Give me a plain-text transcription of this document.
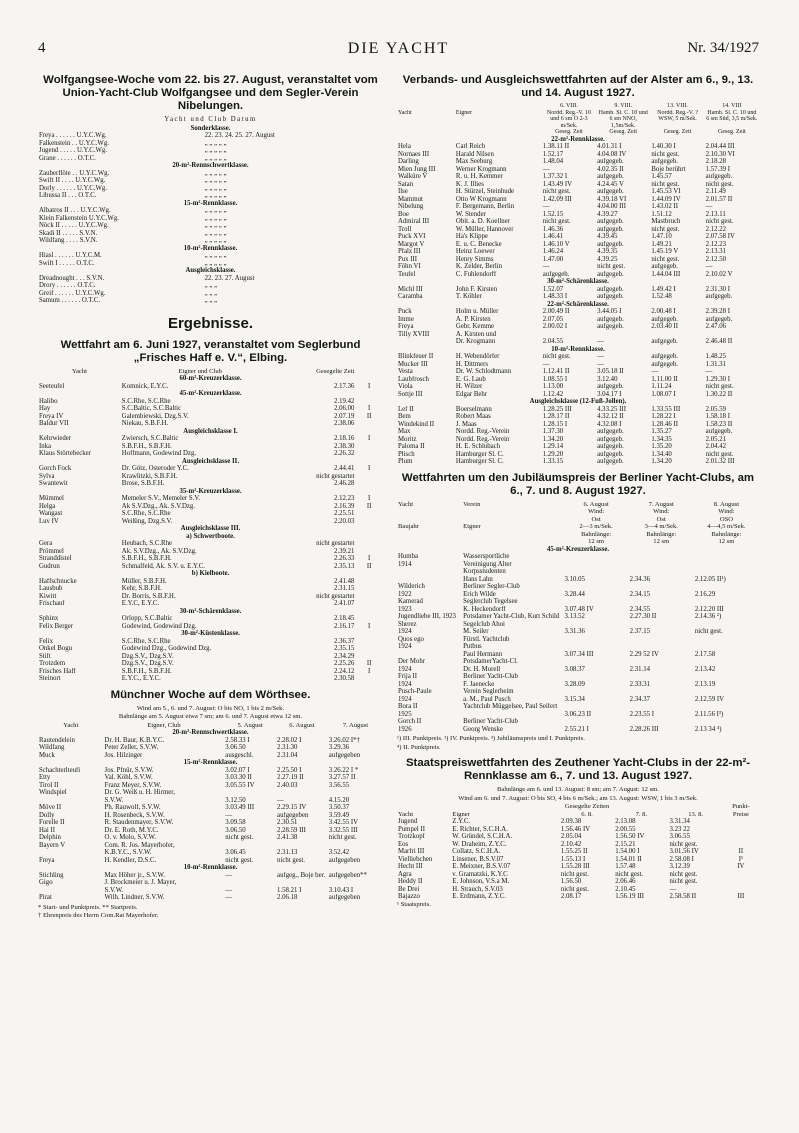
4	DIE YACHT	Nr. 34/1927
Wolfgangsee-Woche vom 22. bis 27. August, veranstaltet vom Union-Yacht-Club Wolfgangsee und dem Segler-Verein Nibelungen.
Yacht und Club Datum
Sonderklasse.	
Freya . . . . . . U.Y.C.Wg.	22. 23. 24. 25. 27. August
Falkenstein . . U.Y.C.Wg.	„ „ „ „ „
Jugend . . . . . U.Y.C.Wg.	„ „ „ „ „
Grane . . . . . . Ö.T.C.	„ „ „ „ „
20-m²-Rennschwertklasse.	
Zauberflöte . . U.Y.C.Wg.	„ „ „ „ „
Swift II . . . . U.Y.C.Wg.	„ „ „ „ „
Dorly . . . . . . U.Y.C.Wg.	„ „ „ „ „
Libussa II . . . Ö.T.C.	„ „ „ „ „
15-m²-Rennklasse.	
Albatros II . . . U.Y.C.Wg.	„ „ „ „ „
Klein Falkenstein U.Y.C.Wg.	„ „ „ „ „
Nöck II . . . . . U.Y.C.Wg.	„ „ „ „ „
Skadi II . . . . . S.V.N.	„ „ „ „ „
Wildfang . . . . S.V.N.	„ „ „ „ „
10-m²-Rennklasse.	
Hiasl . . . . . . U.Y.C.M.	„ „ „ „ „
Swift I . . . . . Ö.T.C.	„ „ „ „ „
Ausgleichsklasse.	
Dreadnought . . . S.V.N.	22. 23. 27. August
Drory . . . . . . Ö.T.C.	„ „ „
Greif . . . . . . U.Y.C.Wg.	„ „ „
Samum . . . . . . Ö.T.C.	„ „ „
Ergebnisse.
Wettfahrt am 6. Juni 1927, veranstaltet vom Seglerbund „Frisches Haff e. V.“, Elbing.
Yacht	Eigner und Club	Gesegelte Zeit	
60-m²-Kreuzerklasse.			
Seeteufel	Komnick, E.Y.C.	2.17.36	I
45-m²-Kreuzerklasse.			
Halibo	S.C.Rhe, S.C.Rhe	2.19.42	
Hay	S.C.Baltic, S.C.Baltic	2.06.00	I
Freya IV	Galembiewski, Dzg.S.V.	2.07.19	II
Baldur VII	Niekau, S.B.F.H.	2.38.06	
Ausgleichsklasse I.			
Kehrwieder	Zwiersch, S.C.Baltic	2.18.16	I
Inka	S.B.F.H., S.B.F.H.	2.38.30	
Klaus Störtebecker	Hoffmann, Godewind Dzg.	2.26.32	
Ausgleichsklasse II.			
Gorch Fock	Dr. Götz, Osteroder Y.C.	2.44.41	I
Sylva	Krawlitzki, S.B.F.H.	nicht gestartet	
Swantewit	Brose, S.B.F.H.	2.46.28	
35-m²-Kreuzerklasse.			
Mümmel	Memeler S.V., Memeler S.V.	2.12.23	I
Helga	Ak S.V.Dzg., Ak. S.V.Dzg.	2.16.39	II
Wangast	S.C.Rhe, S.C.Rhe	2.25.51	
Luv IV	Weißing, Dzg.S.V.	2.20.03	
Ausgleichsklasse III.			
a) Schwertboote.			
Gera	Heubach, S.C.Rhe	nicht gestartet	
Prömmel	Ak. S.V.Dzg., Ak. S.V.Dzg.	2.39.21	
Stranddistel	S.B.F.H., S.B.F.H.	2.26.33	I
Gudrun	Schmalfeld, Ak. S.V. u. E.Y.C.	2.35.13	II
b) Kielboote.			
Haffschnucke	Müller, S.B.F.H.	2.41.48	
Lausbub	Kehr, S.B.F.H.	2.31.15	
Kiwitt	Dr. Borris, S.B.F.H.	nicht gestartet	
Frischauf	E.Y.C, E.Y.C.	2.41.07	
30-m²-Schärenklasse.			
Sphinx	Orlopp, S.C.Baltic	2.18.45	
Felix Berger	Godewind, Godewind Dzg.	2.16.17	I
30-m²-Küstenklasse.			
Felix	S.C.Rhe, S.C.Rhe	2.36.37	
Onkel Bogu	Godewind Dzg., Godewind Dzg.	2.35.15	
Stift	Dzg.S.V., Dzg.S.V.	2.34.29	
Trotzdem	Dzg.S.V., Dzg.S.V.	2.25.26	II
Frisches Haff	S.B.F.H., S.B.F.H.	2.24.12	I
Steinort	E.Y.C., E.Y.C.	2.30.58	
Münchner Woche auf dem Wörthsee.
Wind am 5., 6. und 7. August: O bis NO, 1 bis 2 m/Sek.
Bahnlänge am 5. August etwa 7 sm; am 6. und 7. August etwa 12 sm.
Yacht	Eigner, Club	5. August	6. August	7. August
20-m²-Rennschwertklasse.				
Rautendelein	Dr. H. Baur, K.B.Y.C.	2.58.33 I	2.28.02 I	3.26.02 I*†
Wildfang	Peter Zeller, S.V.W.	3.06.50	2.31.30	3.29.36
Muck	Jos. Hilzinger	ausgeschl.	2.31.04	aufgegeben
15-m²-Rennklasse.				
Schachterlteufi	Jos. Pfnür, S.V.W.	3.02.07 I	2.25.50 I	3.26.22 I *
Etty	Val. Köhl, S.V.W.	3.03.30 II	2.27.19 II	3.27.57 II
Tirol II	Franz Meyer, S.V.W.	3.05.55 IV	2.40.03	3.56.55
Windspiel	Dr. G. Weiß u. H. Hirmer,			
	S.V.W.	3.12.50	—	4.15.20
Möve II	Ph. Rauwolf, S.V.W.	3.03.49 III	2.29.15 IV	3.50.37
Dolly	H. Rosenbeck, S.V.W.	—	aufgegeben	3.59.49
Forelle II	R. Staudenmayer, S.V.W.	3.09.58	2.30.51	3.42.55 IV
Hai II	Dr. E. Roth, M.Y.C.	3.06.50	2.28.59 III	3.32.55 III
Delphin	O. v. Molo, S.V.W.	nicht gest.	2.41.38	nicht gest.
Bayern V	Com. R. Jos. Mayerhofer,			
	K.B.Y.C., S.V.W.	3.06.45	2.31.13	3.52.42
Freya	H. Kendler, D.S.C.	nicht gest.	nicht gest.	aufgegeben
10-m²-Rennklasse.				
Stichling	Max Höher jr., S.V.W.	—	aufgeg., Boje ber.	aufgegeben**
Gigo	J. Brockmeier u. J. Mayer,			
	S.V.W.	—	1.58.21 I	3.10.43 I
Pirat	Wilh. Lindner, S.V.W.	—	2.06.18	aufgegeben
* Start- und Punktpreis. ** Startpreis.
† Ehrenpreis des Herrn Com.Rat Mayerhofer.
Verbands- und Ausgleichswettfahrten auf der Alster am 6., 9., 13. und 14. August 1927.
		6. VIII.	9. VIII.	13. VIII.	14. VIII
Yacht	Eigner	Nordd. Reg.-V. 10 und 6 sm O 2-3 m/Sek.	Hamb. Sl. C. 10 und 6 sm NNO, 1,5m/Sek.	Nordd. Reg.-V. ? WSW, 5 m/Sek.	Hamb. Sl. C. 10 und 6 sm Süd, 3,5 m/Sek.
		Geseg. Zeit	Geseg. Zeit	Geseg. Zeit	Geseg. Zeit
22-m²-Rennklasse.					
Hela	Carl Reich	1.38.11 II	4.01.31 I	1.40.30 I	2.04.44 III
Nornaes III	Harald Nilsen	1.52.17	4.04.08 IV	nicht gest.	2.10.30 VI
Darling	Max Seeburg	1.48.04	aufgegeb.	aufgegeb.	2.18.28
Mien Jung III	Werner Krogmann	—	4.02.35 II	Boje berührt	1.57.39 I
Walküre V	R. u. H. Kemmer	1.37.32 I	aufgegeb.	1.45.57	aufgegeb.
Satan	K. J. Illies	1.43.49 IV	4.24.45 V	nicht gest.	nicht gest.
Ilse	H. Stürzel, Steinhude	nicht gest.	aufgegeb.	1.45.53 VI	2.11.49
Mammut	Otto W Krogmann	1.42.09 III	4.39.18 VI	1.44.09 IV	2.01.57 II
Nibelung	F. Bergemann, Berlin	—	4.04.00 III	1.43.02 II	—
Boe	W. Stender	1.52.15	4.39.27	1.51.12	2.13.11
Admiral III	Obit. a. D. Koellner	nicht gest.	aufgegeb.	Mastbruch	nicht gest.
Troll	W. Müller, Hannover	1.46.36	aufgegeb.	nicht gest.	2.12.22
Puck XVI	Ha's Klippe	1.46.41	4.39.45	1.47.10	2.07.58 IV
Margot V	E. u. C. Benecke	1.46.10 V	aufgegeb.	1.49.21	2.12.23
Pfalz III	Heinz Loewer	1.46.24	4.39.35	1.45.19 V	2.13.31
Pux III	Henry Simms	1.47.00	4.39.25	nicht gest.	2.12.50
Föhn VI	K. Zelder, Berlin	—	nicht gest.	aufgegeb.	—
Teufel	C. Fuhlendorff	aufgegeb.	aufgegeb.	1.44.04 III	2.10.02 V
30-m²-Schärenklasse.					
Michl III	John F. Kirsten	1.52.07	aufgegeb.	1.49.42 I	2.31.30 I
Caramba	T. Köhler	1.48.33 I	aufgegeb.	1.52.48	aufgegeb.
22-m²-Schärenklasse.					
Puck	Holm u. Müller	2.00.49 II	3.44.05 I	2.00.48 I	2.39.28 I
Imme	A. P. Kirsten	2.07.05	aufgegeb.	aufgegeb.	aufgegeb.
Freya	Gebr. Kemme	2.00.02 I	aufgegeb.	2.03.40 II	2.47.06
Tilly XVIII	A. Kirsten und				
	Dr. Krogmann	2.04.55	—	aufgegeb.	2.46.48 II
10-m²-Rennklasse.					
Blinkfeuer II	H. Webendörfer	nicht gest.	—	aufgegeb.	1.48.25
Mucker III	H. Dittmers	—	—	aufgegeb.	1.31.31
Vesta	Dr. W. Schlodtmann	1.12.41 II	3.05.18 II	—	—
Laubfrosch	E. G. Laub	1.08.55 I	3.12.40	1.11.00 II	1.29.30 I
Viola	H. Wilzer	1.13.00	aufgegeb.	1.11.24	nicht gest.
Sottje III	Edgar Behr	1.12.42	3.04.17 I	1.08.07 I	1.30.22 II
Ausgleichsklasse (12-Fuß-Jollen).					
Lef II	Boerselmann	1.28.25 III	4.33.25 III	1.33.55 III	2.05.59
Bem	Robert Maas	1.28.17 II	4.32.12 II	1.28.22 I	1.58.18 I
Windekind II	J. Maas	1.28.15 I	4.32.08 I	1.28.46 II	1.58.23 II
Max	Nordd. Reg.-Verein	1.37.30	aufgegeb.	1.35.27	aufgegeb.
Moritz	Nordd. Reg.-Verein	1.34.20	aufgegeb.	1.34.35	2.05.21
Paloma II	H. E. Schlubach	1.29.14	aufgegeb.	1.35.20	2.04.42
Plisch	Hamburger Sl. C.	1.29.20	aufgegeb.	1.34.40	nicht gest.
Plum	Hamburger Sl. C.	1.33.15	aufgegeb.	1.34.20	2.01.32 III
Wettfahrten um den Jubiläumspreis der Berliner Yacht-Clubs, am 6., 7. und 8. August 1927.
Yacht	Verein	6. August	7. August	8. August
		Wind:	Wind:	Wind:
		Ost	Ost	OSO
Baujahr	Eigner	2—3 m/Sek.	3—4 m/Sek.	4—4,5 m/Sek.
		Bahnlänge:	Bahnlänge:	Bahnlänge:
		12 sm	12 sm	12 sm
45-m²-Kreuzerklasse.				
Humba	Wassersportliche			
1914	Vereinigung Alter			
	Korpsstudenten			
	Hans Lahn	3.10.05	2.34.36	2.12.05 II¹)
Wilderich	Berliner Segler-Club			
1922	Erich Wilde	3.28.44	2.34.15	2.16.29
Kamerad	Seglerclub Tegelsee			
1923	K. Heckendorff	3.07.48 IV	2.34.55	2.12.20 III
Jugendliebe III, 1923	Potsdamer Yacht-Club, Kurt Schild	3.13.52	2.27.30 II	2.14.36 ²)
Sherez	Segelclub Ahoi			
1924	M. Seiler	3.31.36	2.37.15	nicht gest.
Quos ego	Fürstl. Yachtclub			
1924	Putbus			
	Paul Hermann	3.07.34 III	2.29 52 IV	2.17.58
Der Mohr	PotsdamerYacht-Cl.			
1924	Dr. H. Morell	3.08.37	2.31.14	2.13.42
Frija II	Berliner Yacht-Club			
1924	F. Jaenecke	3.28.09	2.33.31	2.13.19
Pusch-Paule	Verein Seglerheim			
1924	a. M., Paul Pusch	3.15.34	2.34.37	2.12.59 IV
Bora II	Yachtclub Müggelsee, Paul Seifert			
1925		3.06.23 II	2.23.55 I	2.11.56 I³)
Gorch II	Berliner Yacht-Club			
1926	Georg Wenske	2.55.21 I	2.28.26 III	2.13 34 ⁴)
¹) III. Punktpreis. ²) IV. Punktpreis. ³) Jubiläumspreis und I. Punktpreis.
⁴) II. Punktpreis.
Staatspreiswettfahrten des Zeuthener Yacht-Clubs in der 22-m²-Rennklasse am 6., 7. und 13. August 1927.
Bahnlänge am 6. und 13. August: 8 sm; am 7. August: 12 sm.
Wind am 6. und 7. August: O bis SO, 4 bis 6 m/Sek.; am 13. August: WSW, 1 bis 3 m/Sek.
		Gesegelte Zeiten			Punkt-
Yacht	Eigner	6. 8.	7. 8.	13. 8.	Preise
Jugend	Z.Y.C.	2.09.38	2.13.08	3.31.34	
Pumpel II	E. Richter, S.C.H.A.	1.56.46 IV	2.00.55	3.23 22	
Trotzkopf	W. Gründel, S.C.H.A.	2.05.04	1.56.50 IV	3.06.55	
Eos	W. Draheim, Z.Y.C.	2.10.42	2.15.21	nicht gest.	
Marfri III	Collatz, S.C.H.A.	1.55.25 II	1.54.00 I	3.01.56 IV	II
Vielliebchen	Linsener, B.S.V.07	1.55.13 I	1.54.01 II	2.58.08 I	I¹
Hecht III	E. Meixner, B.S.V.07	1.55.28 III	1.57.48	3.12.39	IV
Agra	v. Gramatzki, K.Y.C	nicht gest.	nicht gest.	nicht gest.	
Heddy II	E. Johnson, V.S.a M.	1.56.50	2.06.46	nicht gest.	
Be Drei	H. Strauch, S.V.03	nicht gest.	2.10.45	—	
Bajazzo	E. Erdmann, Z.Y.C.	2.08.17	1.56.19 III	2.58.58 II	III
¹ Staatspreis.
